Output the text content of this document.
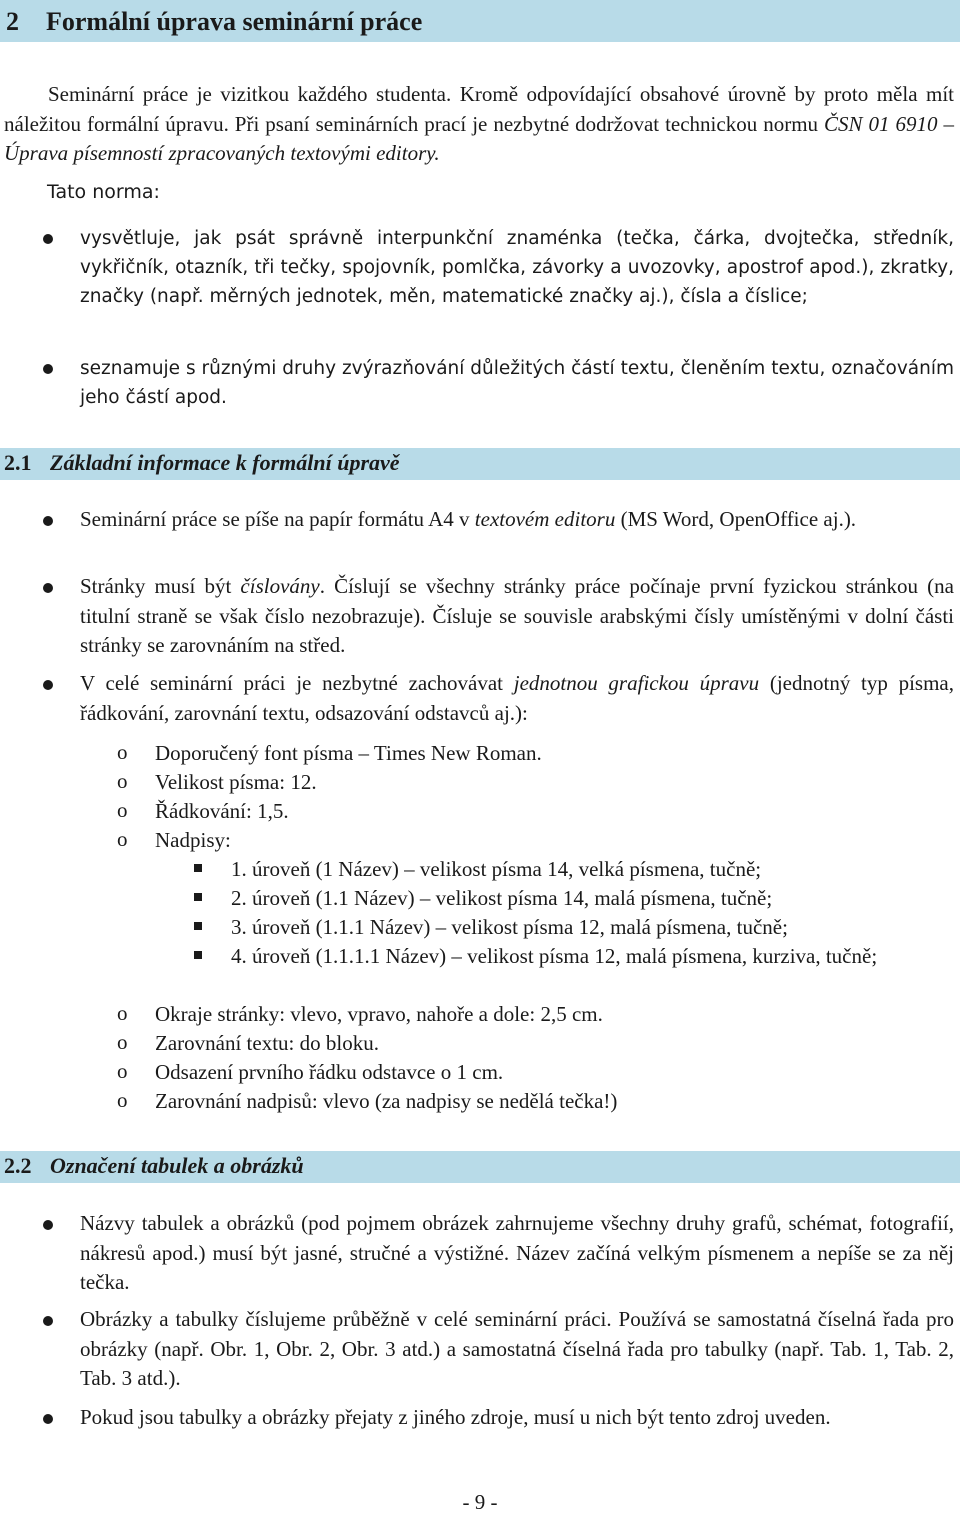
2 Formální úprava seminární práce
Seminární práce je vizitkou každého studenta. Kromě odpovídající obsahové úrovně by proto měla mít náležitou formální úpravu. Při psaní seminárních prací je nezbytné dodržovat technickou normu ČSN 01 6910 – Úprava písemností zpracovaných textovými editory.
Tato norma:
vysvětluje, jak psát správně interpunkční znaménka (tečka, čárka, dvojtečka, středník, vykřičník, otazník, tři tečky, spojovník, pomlčka, závorky a uvozovky, apostrof apod.), zkratky, značky (např. měrných jednotek, měn, matematické značky aj.), čísla a číslice;
seznamuje s různými druhy zvýrazňování důležitých částí textu, členěním textu, označováním jeho částí apod.
2.1 Základní informace k formální úpravě
Seminární práce se píše na papír formátu A4 v textovém editoru (MS Word, OpenOffice aj.).
Stránky musí být číslovány. Číslují se všechny stránky práce počínaje první fyzickou stránkou (na titulní straně se však číslo nezobrazuje). Čísluje se souvisle arabskými čísly umístěnými v dolní části stránky se zarovnáním na střed.
V celé seminární práci je nezbytné zachovávat jednotnou grafickou úpravu (jednotný typ písma, řádkování, zarovnání textu, odsazování odstavců aj.):
o Doporučený font písma – Times New Roman.
o Velikost písma: 12.
o Řádkování: 1,5.
o Nadpisy:
1. úroveň (1 Název) – velikost písma 14, velká písmena, tučně;
2. úroveň (1.1 Název) – velikost písma 14, malá písmena, tučně;
3. úroveň (1.1.1 Název) – velikost písma 12, malá písmena, tučně;
4. úroveň (1.1.1.1 Název) – velikost písma 12, malá písmena, kurziva, tučně;
o Okraje stránky: vlevo, vpravo, nahoře a dole: 2,5 cm.
o Zarovnání textu: do bloku.
o Odsazení prvního řádku odstavce o 1 cm.
o Zarovnání nadpisů: vlevo (za nadpisy se nedělá tečka!)
2.2 Označení tabulek a obrázků
Názvy tabulek a obrázků (pod pojmem obrázek zahrnujeme všechny druhy grafů, schémat, fotografií, nákresů apod.) musí být jasné, stručné a výstižné. Název začíná velkým písmenem a nepíše se za něj tečka.
Obrázky a tabulky číslujeme průběžně v celé seminární práci. Používá se samostatná číselná řada pro obrázky (např. Obr. 1, Obr. 2, Obr. 3 atd.) a samostatná číselná řada pro tabulky (např. Tab. 1, Tab. 2, Tab. 3 atd.).
Pokud jsou tabulky a obrázky přejaty z jiného zdroje, musí u nich být tento zdroj uveden.
- 9 -
